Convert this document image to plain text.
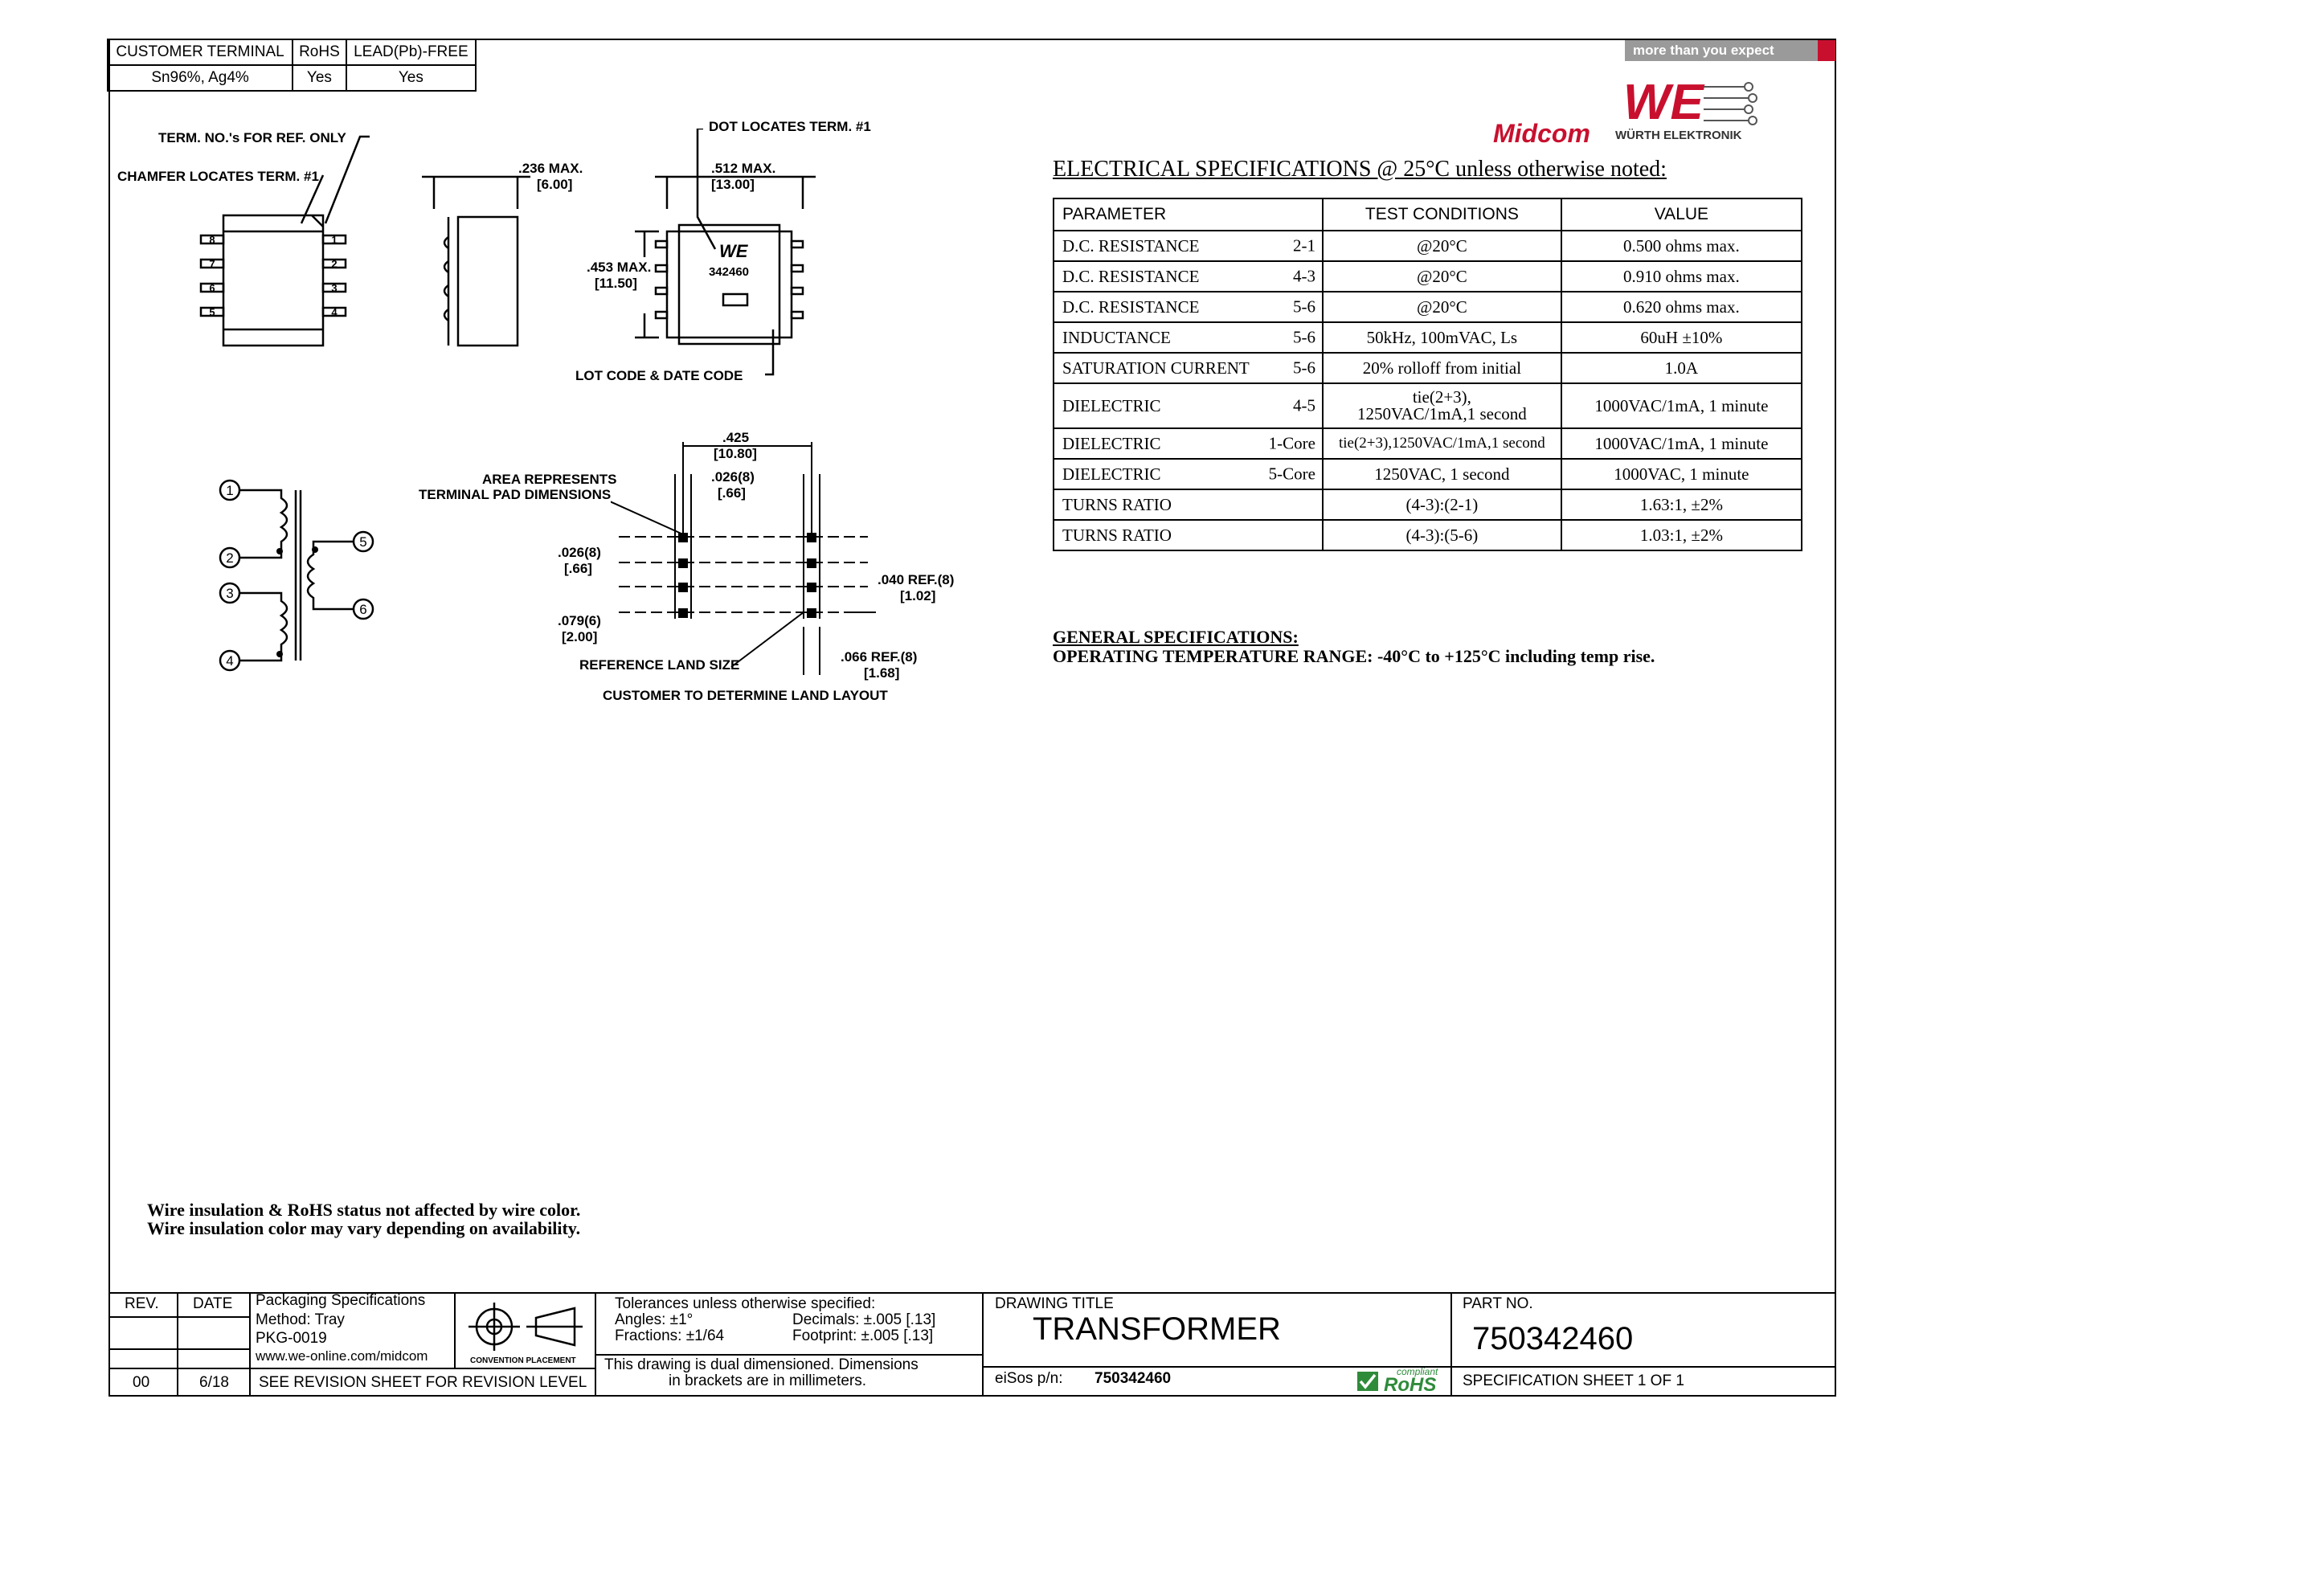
CUSTOMER TERMINAL	RoHS	LEAD(Pb)-FREE
Sn96%, Ag4%	Yes	Yes
more than you expect
Midcom
WE
WÜRTH ELEKTRONIK
TERM. NO.'s FOR REF. ONLY
CHAMFER LOCATES TERM. #1
DOT LOCATES TERM. #1
LOT CODE & DATE CODE
.236 MAX.
[6.00]
.512 MAX.
[13.00]
.453 MAX.
[11.50]
342460
WE
8
7
6
5
1
2
3
4
1
2
3
4
5
6
AREA REPRESENTS
TERMINAL PAD DIMENSIONS
.425
[10.80]
.026(8)
[.66]
.026(8)
[.66]
.040 REF.(8)
[1.02]
.079(6)
[2.00]
.066 REF.(8)
[1.68]
REFERENCE LAND SIZE
CUSTOMER TO DETERMINE LAND LAYOUT
ELECTRICAL SPECIFICATIONS @ 25°C unless otherwise noted:
PARAMETER	TEST CONDITIONS	VALUE
D.C. RESISTANCE 2-1	@20°C	0.500 ohms max.
D.C. RESISTANCE 4-3	@20°C	0.910 ohms max.
D.C. RESISTANCE 5-6	@20°C	0.620 ohms max.
INDUCTANCE 5-6	50kHz, 100mVAC, Ls	60uH ±10%
SATURATION CURRENT 5-6	20% rolloff from initial	1.0A
DIELECTRIC 4-5	tie(2+3),
1250VAC/1mA,1 second	1000VAC/1mA, 1 minute
DIELECTRIC 1-Core	tie(2+3),1250VAC/1mA,1 second	1000VAC/1mA, 1 minute
DIELECTRIC 5-Core	1250VAC, 1 second	1000VAC, 1 minute
TURNS RATIO	(4-3):(2-1)	1.63:1, ±2%
TURNS RATIO	(4-3):(5-6)	1.03:1, ±2%
GENERAL SPECIFICATIONS:
OPERATING TEMPERATURE RANGE: -40°C to +125°C including temp rise.
Wire insulation & RoHS status not affected by wire color.
Wire insulation color may vary depending on availability.
REV. DATE
00	6/18
Packaging Specifications
Method: Tray
PKG-0019
www.we-online.com/midcom
SEE REVISION SHEET FOR REVISION LEVEL
CONVENTION PLACEMENT
Tolerances unless otherwise specified:
Angles: ±1°	Decimals: ±.005 [.13]
Fractions: ±1/64	Footprint: ±.005 [.13]
This drawing is dual dimensioned. Dimensions
in brackets are in millimeters.
DRAWING TITLE
TRANSFORMER
eiSos p/n: 750342460	compliant
RoHS
PART NO.
750342460
SPECIFICATION SHEET 1 OF 1
